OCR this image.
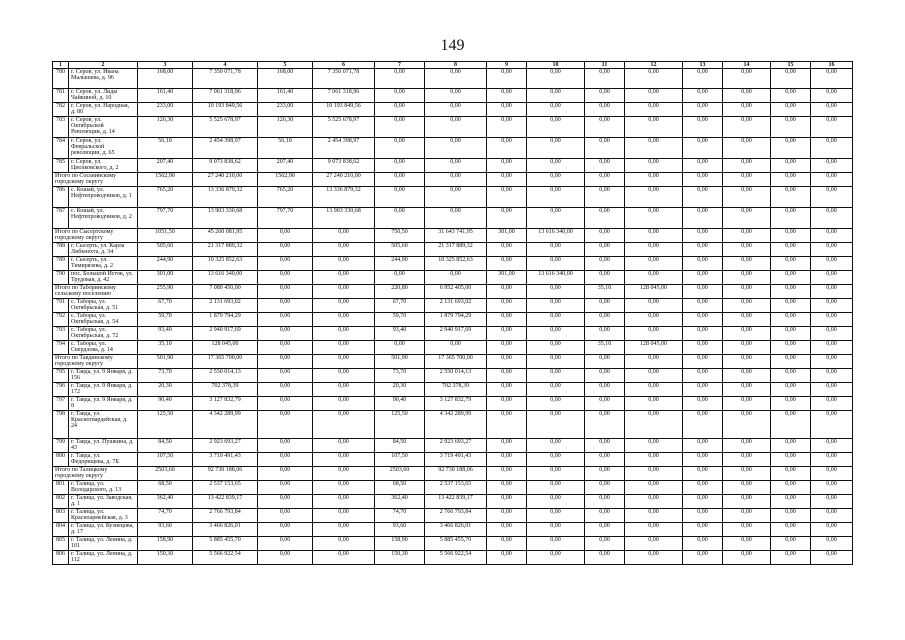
149
1	2	3	4	5	6	7	8	9	10	11	12	13	14	15	16
780	г. Серов, ул. Ивана Малышева, д. 96	168,00	7 350 071,78	168,00	7 350 071,78	0,00	0,00	0,00	0,00	0,00	0,00	0,00	0,00	0,00	0,00
781	г. Серов, ул. Лиды Чайкиной, д. 10	161,40	7 061 318,96	161,40	7 061 318,96	0,00	0,00	0,00	0,00	0,00	0,00	0,00	0,00	0,00	0,00
782	г. Серов, ул. Народная, д. 80	233,00	10 193 849,56	233,00	10 193 849,56	0,00	0,00	0,00	0,00	0,00	0,00	0,00	0,00	0,00	0,00
783	г. Серов, ул. Октябрьской Революции, д. 14	126,30	5 525 678,97	126,30	5 525 678,97	0,00	0,00	0,00	0,00	0,00	0,00	0,00	0,00	0,00	0,00
784	г. Серов, ул. Февральской революции, д. 65	56,10	2 454 398,97	56,10	2 454 398,97	0,00	0,00	0,00	0,00	0,00	0,00	0,00	0,00	0,00	0,00
785	г. Серов, ул. Циолковского, д. 2	207,40	9 073 838,62	207,40	9 073 838,62	0,00	0,00	0,00	0,00	0,00	0,00	0,00	0,00	0,00	0,00
Итого по Сосьвинскому городскому округу		1562,90	27 240 210,00	1562,90	27 240 210,00	0,00	0,00	0,00	0,00	0,00	0,00	0,00	0,00	0,00	0,00
786	с. Кошай, ул. Нефтепроводчиков, д. 1	765,20	13 336 879,32	765,20	13 336 879,32	0,00	0,00	0,00	0,00	0,00	0,00	0,00	0,00	0,00	0,00
787	с. Кошай, ул. Нефтепроводчиков, д. 2	797,70	13 903 330,68	797,70	13 903 330,68	0,00	0,00	0,00	0,00	0,00	0,00	0,00	0,00	0,00	0,00
Итого по Сысертскому городскому округу		1051,50	45 260 081,95	0,00	0,00	750,50	31 643 741,95	301,00	13 616 340,00	0,00	0,00	0,00	0,00	0,00	0,00
788	г. Сысерть, ул. Карла Либкнехта, д. 34	505,60	21 317 889,32	0,00	0,00	505,60	21 317 889,32	0,00	0,00	0,00	0,00	0,00	0,00	0,00	0,00
789	г. Сысерть, ул. Тимирязева, д. 2	244,90	10 325 852,63	0,00	0,00	244,90	10 325 852,63	0,00	0,00	0,00	0,00	0,00	0,00	0,00	0,00
790	пос. Большой Исток, ул. Трудовая, д. 42	301,00	13 616 340,00	0,00	0,00	0,00	0,00	301,00	13 616 340,00	0,00	0,00	0,00	0,00	0,00	0,00
Итого по Таборинскому сельскому поселению		255,90	7 080 450,00	0,00	0,00	220,80	6 952 405,00	0,00	0,00	35,10	128 045,00	0,00	0,00	0,00	0,00
791	с. Таборы, ул. Октябрьская, д. 51	67,70	2 131 693,02	0,00	0,00	67,70	2 131 693,02	0,00	0,00	0,00	0,00	0,00	0,00	0,00	0,00
792	с. Таборы, ул. Октябрьская, д. 54	59,70	1 879 794,29	0,00	0,00	59,70	1 879 794,29	0,00	0,00	0,00	0,00	0,00	0,00	0,00	0,00
793	с. Таборы, ул. Октябрьская, д. 72	93,40	2 940 917,69	0,00	0,00	93,40	2 940 917,69	0,00	0,00	0,00	0,00	0,00	0,00	0,00	0,00
794	с. Таборы, ул. Свердлова, д. 14	35,10	128 045,00	0,00	0,00	0,00	0,00	0,00	0,00	35,10	128 045,00	0,00	0,00	0,00	0,00
Итого по Тавдинскому городскому округу		501,90	17 365 700,00	0,00	0,00	501,90	17 365 700,00	0,00	0,00	0,00	0,00	0,00	0,00	0,00	0,00
795	г. Тавда, ул. 9 Января, д. 156	73,70	2 550 014,13	0,00	0,00	73,70	2 550 014,13	0,00	0,00	0,00	0,00	0,00	0,00	0,00	0,00
796	г. Тавда, ул. 9 Января, д. 172	20,30	702 378,39	0,00	0,00	20,30	702 378,39	0,00	0,00	0,00	0,00	0,00	0,00	0,00	0,00
797	г. Тавда, ул. 9 Января, д. 8	90,40	3 127 832,79	0,00	0,00	90,40	3 127 832,79	0,00	0,00	0,00	0,00	0,00	0,00	0,00	0,00
798	г. Тавда, ул. Красногвардейская, д. 24	125,50	4 342 289,99	0,00	0,00	125,50	4 342 289,99	0,00	0,00	0,00	0,00	0,00	0,00	0,00	0,00
799	г. Тавда, ул. Пушкина, д. 43	84,50	2 923 693,27	0,00	0,00	84,50	2 923 693,27	0,00	0,00	0,00	0,00	0,00	0,00	0,00	0,00
800	г. Тавда, ул. Федорищева, д. 7Б	107,50	3 719 491,43	0,00	0,00	107,50	3 719 491,43	0,00	0,00	0,00	0,00	0,00	0,00	0,00	0,00
Итого по Талицкому городскому округу		2503,60	92 730 188,06	0,00	0,00	2503,60	92 730 188,06	0,00	0,00	0,00	0,00	0,00	0,00	0,00	0,00
801	г. Талица, ул. Володарского, д. 13	68,50	2 537 153,65	0,00	0,00	68,50	2 537 153,65	0,00	0,00	0,00	0,00	0,00	0,00	0,00	0,00
802	г. Талица, ул. Заводская, д. 1	362,40	13 422 839,17	0,00	0,00	362,40	13 422 839,17	0,00	0,00	0,00	0,00	0,00	0,00	0,00	0,00
803	г. Талица, ул. Красноармейская, д. 3	74,70	2 766 793,84	0,00	0,00	74,70	2 766 793,84	0,00	0,00	0,00	0,00	0,00	0,00	0,00	0,00
804	г. Талица, ул. Кузнецова, д. 17	93,60	3 466 826,01	0,00	0,00	93,60	3 466 826,01	0,00	0,00	0,00	0,00	0,00	0,00	0,00	0,00
805	г. Талица, ул. Ленина, д. 101	158,90	5 885 455,70	0,00	0,00	158,90	5 885 455,70	0,00	0,00	0,00	0,00	0,00	0,00	0,00	0,00
806	г. Талица, ул. Ленина, д. 112	150,30	5 566 922,54	0,00	0,00	150,30	5 566 922,54	0,00	0,00	0,00	0,00	0,00	0,00	0,00	0,00
